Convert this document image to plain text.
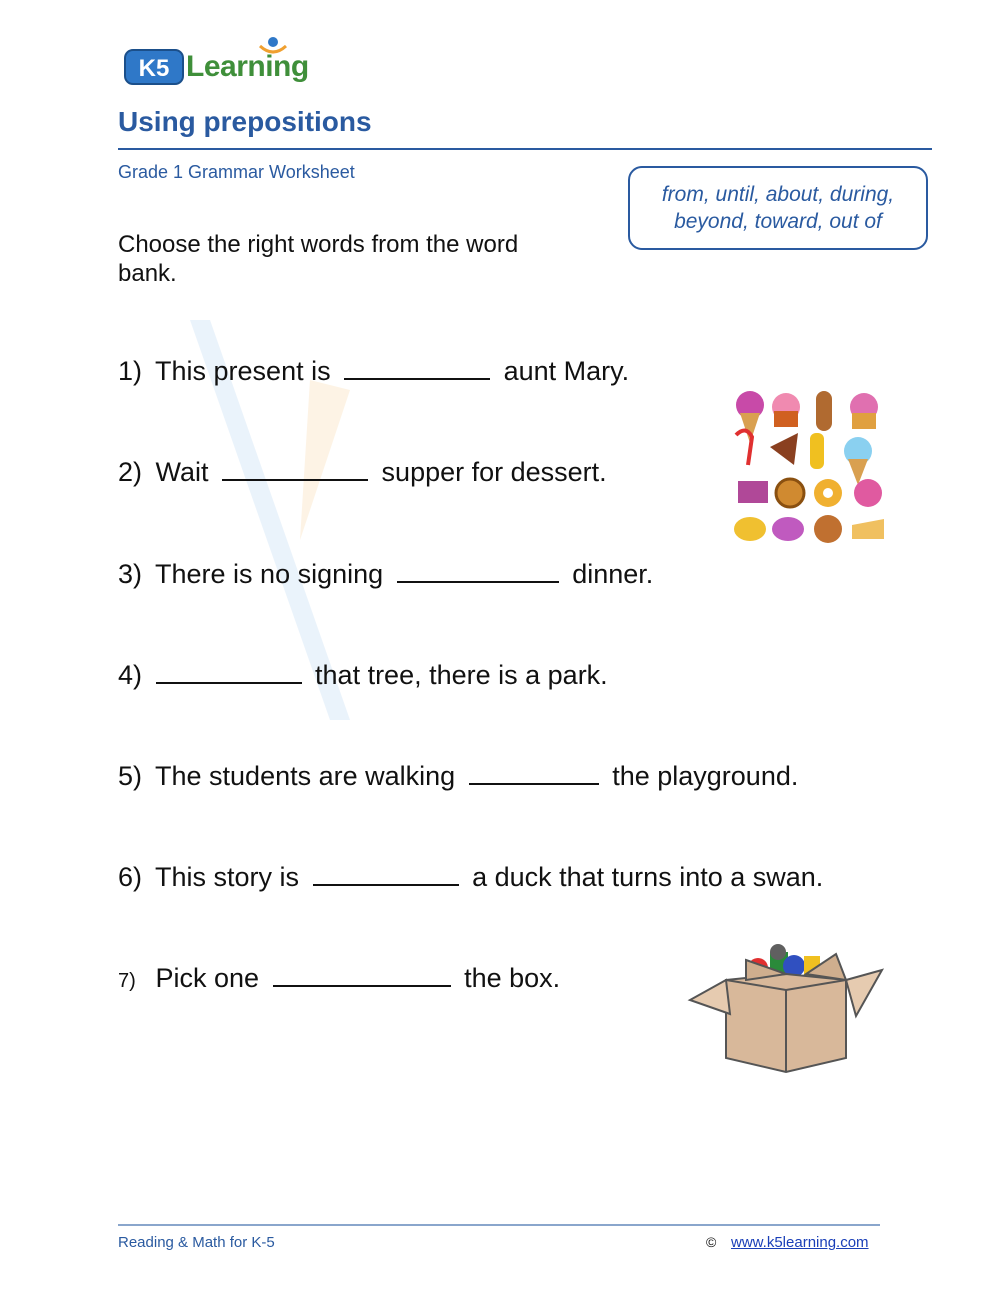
K5 Learning
Using prepositions
Grade 1 Grammar Worksheet
from, until, about, during,
beyond, toward, out of
Choose the right words from the word bank.
1) This present is	aunt Mary.
2) Wait	supper for dessert.
3) There is no signing	dinner.
4)	that tree, there is a park.
5) The students are walking	the playground.
6) This story is	a duck that turns into a swan.
7) Pick one	the box.
Reading & Math for K-5	© www.k5learning.com
